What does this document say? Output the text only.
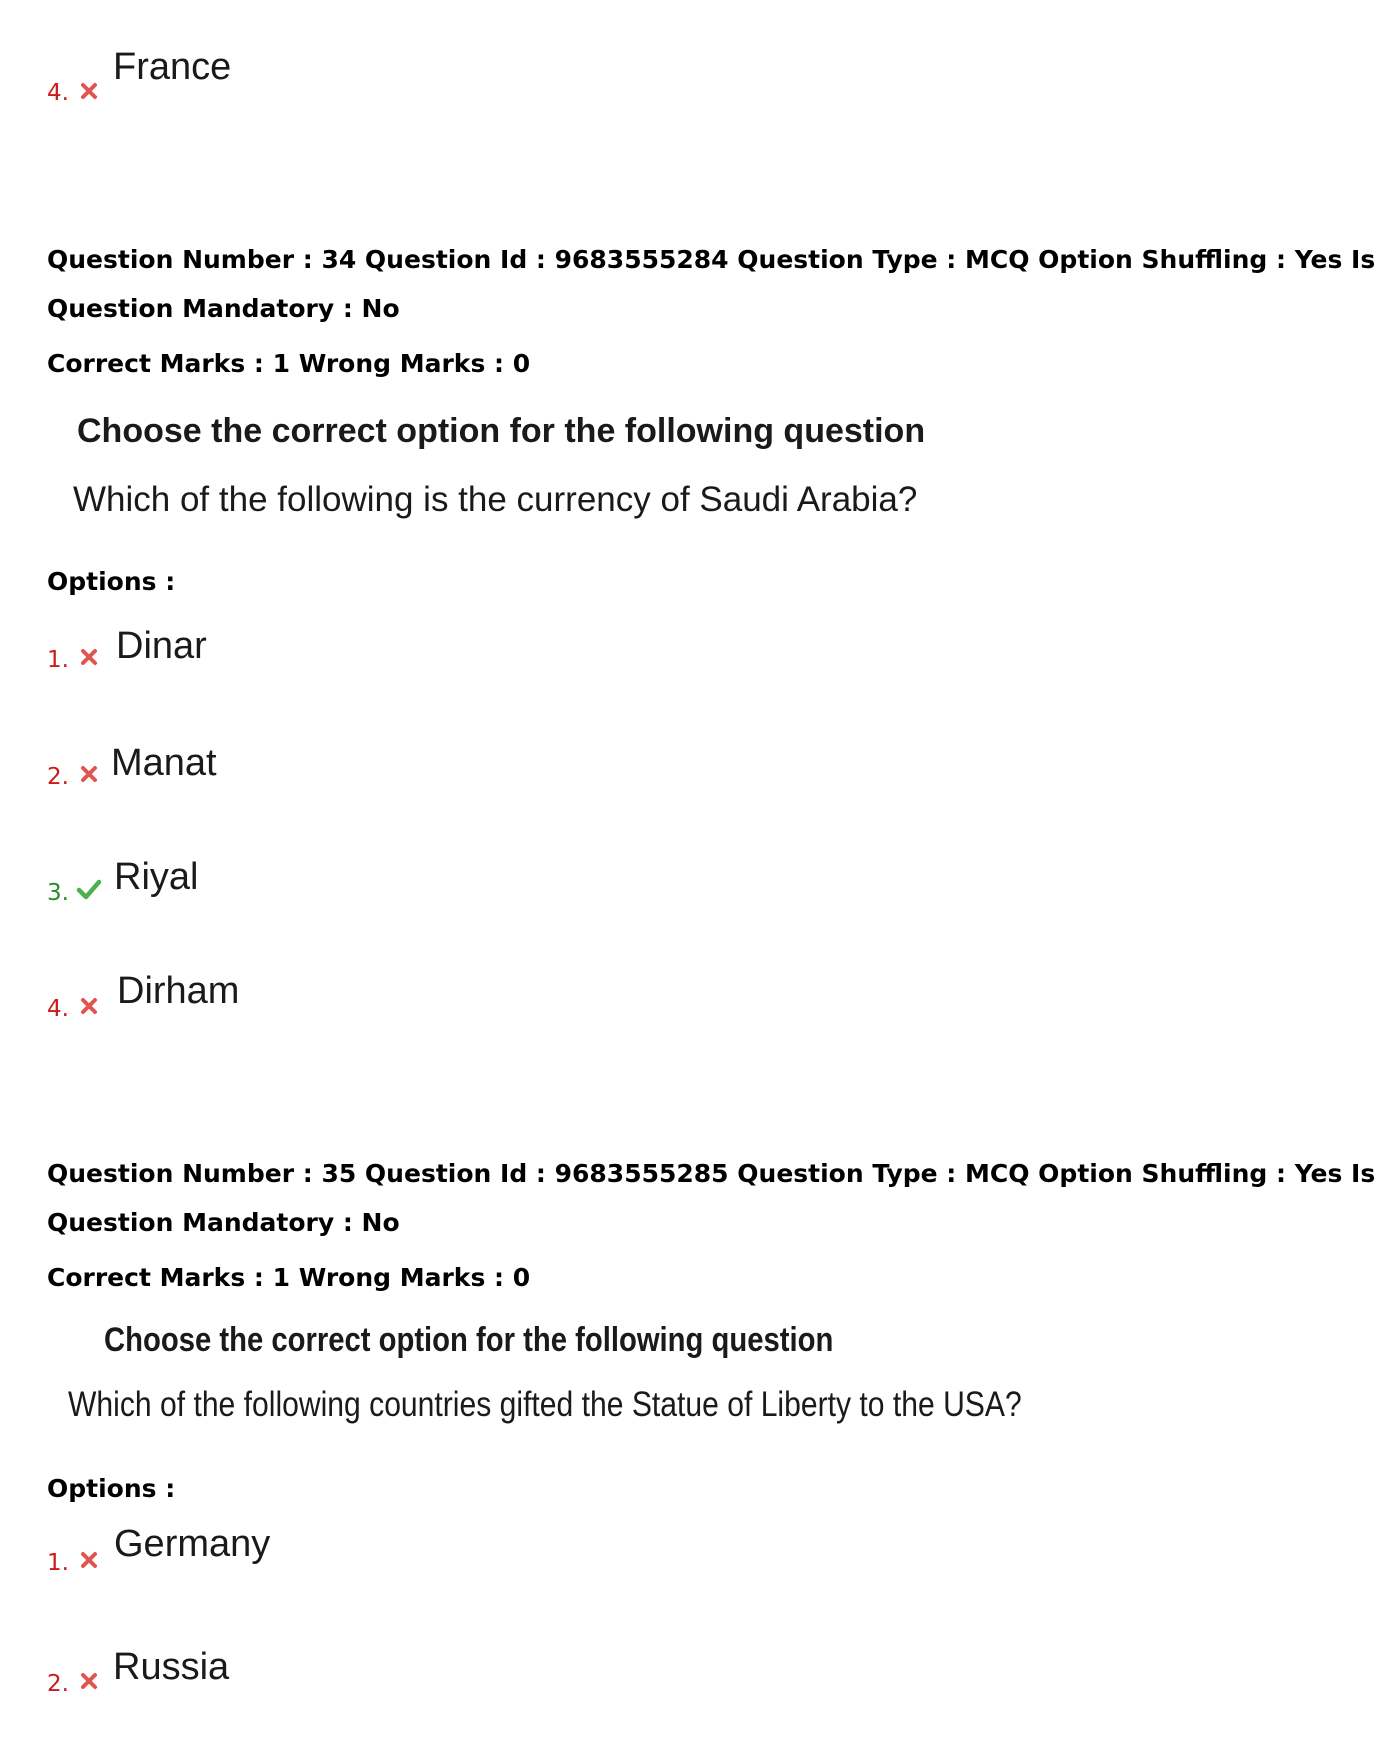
4.
France
Question Number : 34 Question Id : 9683555284 Question Type : MCQ Option Shuffling : Yes Is
Question Mandatory : No
Correct Marks : 1 Wrong Marks : 0
Choose the correct option for the following question
Which of the following is the currency of Saudi Arabia?
Options :
1. Dinar
2. Manat
3. Riyal
4. Dirham
Question Number : 35 Question Id : 9683555285 Question Type : MCQ Option Shuffling : Yes Is
Question Mandatory : No
Correct Marks : 1 Wrong Marks : 0
Choose the correct option for the following question
Which of the following countries gifted the Statue of Liberty to the USA?
Options :
1. Germany
2. Russia
